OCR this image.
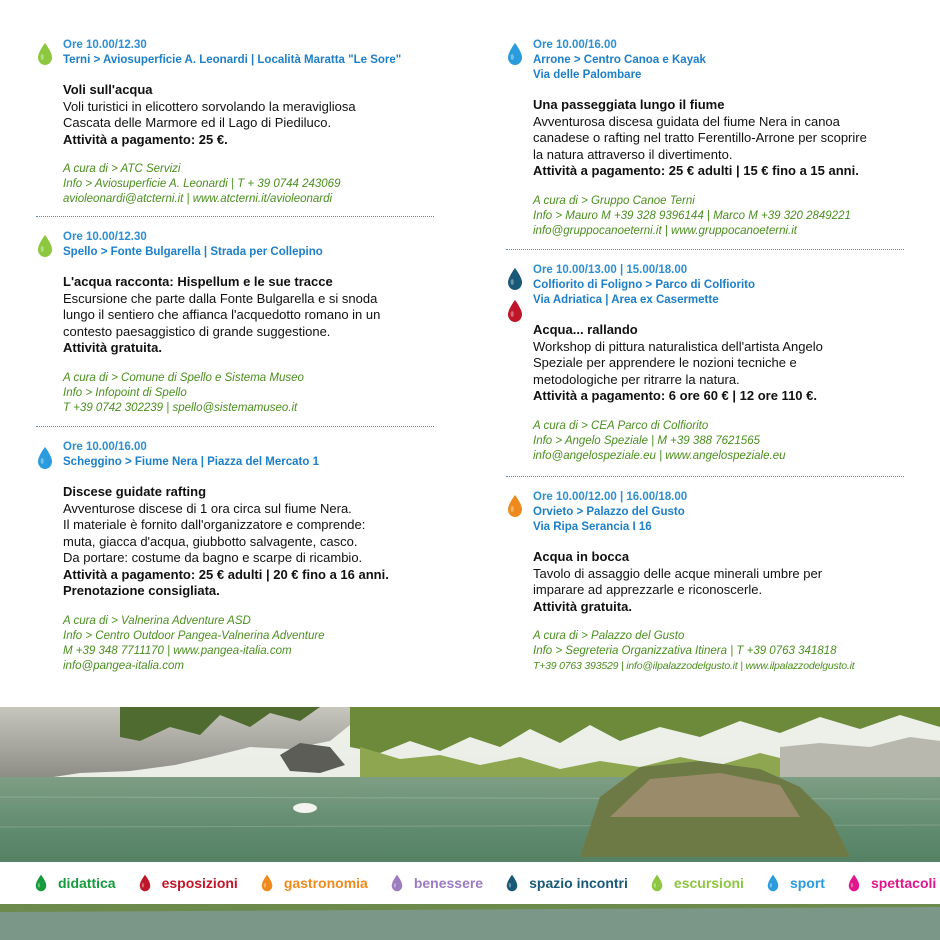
Ore 10.00/12.30
Terni > Aviosuperficie A. Leonardi | Località Maratta "Le Sore"
Voli sull'acqua
Voli turistici in elicottero sorvolando la meravigliosa
Cascata delle Marmore ed il Lago di Piediluco.
Attività a pagamento: 25 €.
A cura di > ATC Servizi
Info > Aviosuperficie A. Leonardi | T + 39 0744 243069
avioleonardi@atcterni.it | www.atcterni.it/avioleonardi
Ore 10.00/12.30
Spello > Fonte Bulgarella | Strada per Collepino
L'acqua racconta: Hispellum e le sue tracce
Escursione che parte dalla Fonte Bulgarella e si snoda
lungo il sentiero che affianca l'acquedotto romano in un
contesto paesaggistico di grande suggestione.
Attività gratuita.
A cura di > Comune di Spello e Sistema Museo
Info > Infopoint di Spello
T +39 0742 302239 | spello@sistemamuseo.it
Ore 10.00/16.00
Scheggino > Fiume Nera | Piazza del Mercato 1
Discese guidate rafting
Avventurose discese di 1 ora circa sul fiume Nera.
Il materiale è fornito dall'organizzatore e comprende:
muta, giacca d'acqua, giubbotto salvagente, casco.
Da portare: costume da bagno e scarpe di ricambio.
Attività a pagamento: 25 € adulti | 20 € fino a 16 anni.
Prenotazione consigliata.
A cura di > Valnerina Adventure ASD
Info > Centro Outdoor Pangea-Valnerina Adventure
M +39 348 7711170 | www.pangea-italia.com
info@pangea-italia.com
Ore 10.00/16.00
Arrone > Centro Canoa e Kayak
Via delle Palombare
Una passeggiata lungo il fiume
Avventurosa discesa guidata del fiume Nera in canoa
canadese o rafting nel tratto Ferentillo-Arrone per scoprire
la natura attraverso il divertimento.
Attività a pagamento: 25 € adulti | 15 € fino a 15 anni.
A cura di > Gruppo Canoe Terni
Info > Mauro M +39 328 9396144 | Marco M +39 320 2849221
info@gruppocanoeterni.it | www.gruppocanoeterni.it
Ore 10.00/13.00 | 15.00/18.00
Colfiorito di Foligno > Parco di Colfiorito
Via Adriatica | Area ex Casermette
Acqua... rallando
Workshop di pittura naturalistica dell'artista Angelo
Speziale per apprendere le nozioni tecniche e
metodologiche per ritrarre la natura.
Attività a pagamento: 6 ore 60 € | 12 ore 110 €.
A cura di > CEA Parco di Colfiorito
Info > Angelo Speziale | M +39 388 7621565
info@angelospeziale.eu | www.angelospeziale.eu
Ore 10.00/12.00 | 16.00/18.00
Orvieto > Palazzo del Gusto
Via Ripa Serancia I 16
Acqua in bocca
Tavolo di assaggio delle acque minerali umbre per
imparare ad apprezzarle e riconoscerle.
Attività gratuita.
A cura di > Palazzo del Gusto
Info > Segreteria Organizzativa Itinera | T +39 0763 341818
T+39 0763 393529 | info@ilpalazzodelgusto.it | www.ilpalazzodelgusto.it
didattica	esposizioni	gastronomia	benessere	spazio incontri	escursioni	sport	spettacoli
